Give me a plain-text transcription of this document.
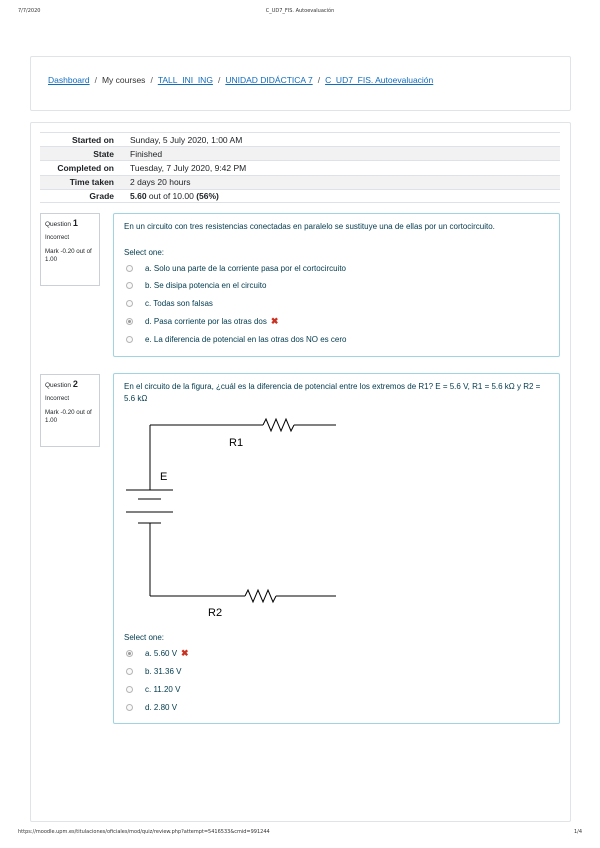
7/7/2020	C_UD7_FIS. Autoevaluación
Dashboard / My courses / TALL_INI_ING / UNIDAD DIDÁCTICA 7 / C_UD7_FIS. Autoevaluación
Started on	Sunday, 5 July 2020, 1:00 AM
State	Finished
Completed on	Tuesday, 7 July 2020, 9:42 PM
Time taken	2 days 20 hours
Grade	5.60 out of 10.00 (56%)
Question 1
Incorrect
Mark -0.20 out of 1.00
En un circuito con tres resistencias conectadas en paralelo se sustituye una de ellas por un cortocircuito.
Select one:
a. Solo una parte de la corriente pasa por el cortocircuito
b. Se disipa potencia en el circuito
c. Todas son falsas
d. Pasa corriente por las otras dos ✖
e. La diferencia de potencial en las otras dos NO es cero
Question 2
Incorrect
Mark -0.20 out of 1.00
En el circuito de la figura, ¿cuál es la diferencia de potencial entre los extremos de R1? E = 5.6 V, R1 = 5.6 kΩ y R2 = 5.6 kΩ
Select one:
a. 5.60 V ✖
b. 31.36 V
c. 11.20 V
d. 2.80 V
R1
E
R2
https://moodle.upm.es/titulaciones/oficiales/mod/quiz/review.php?attempt=5416533&cmid=991244	1/4
